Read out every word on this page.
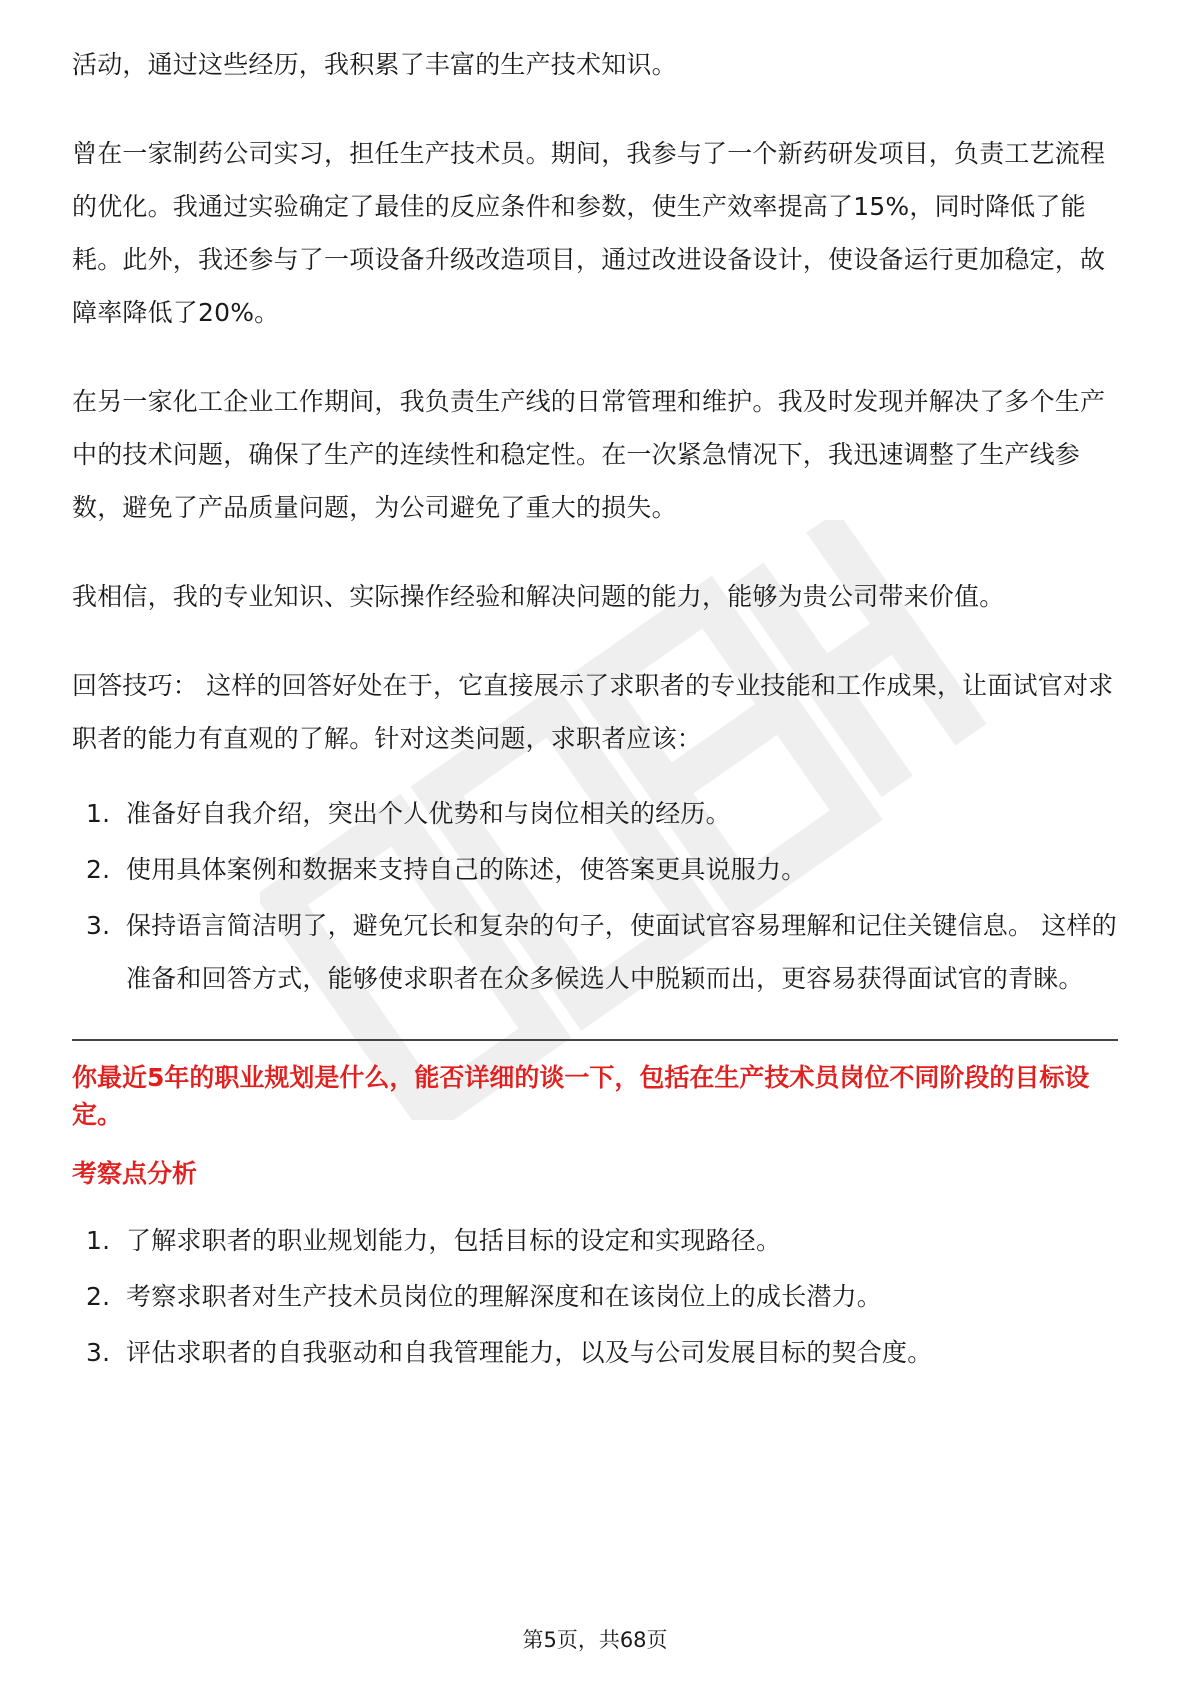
活动，通过这些经历，我积累了丰富的生产技术知识。

曾在一家制药公司实习，担任生产技术员。期间，我参与了一个新药研发项目，负责工艺流程的优化。我通过实验确定了最佳的反应条件和参数，使生产效率提高了15%，同时降低了能耗。此外，我还参与了一项设备升级改造项目，通过改进设备设计，使设备运行更加稳定，故障率降低了20%。

在另一家化工企业工作期间，我负责生产线的日常管理和维护。我及时发现并解决了多个生产中的技术问题，确保了生产的连续性和稳定性。在一次紧急情况下，我迅速调整了生产线参数，避免了产品质量问题，为公司避免了重大的损失。

我相信，我的专业知识、实际操作经验和解决问题的能力，能够为贵公司带来价值。

回答技巧： 这样的回答好处在于，它直接展示了求职者的专业技能和工作成果，让面试官对求职者的能力有直观的了解。针对这类问题，求职者应该：

1. 准备好自我介绍，突出个人优势和与岗位相关的经历。
2. 使用具体案例和数据来支持自己的陈述，使答案更具说服力。
3. 保持语言简洁明了，避免冗长和复杂的句子，使面试官容易理解和记住关键信息。 这样的准备和回答方式，能够使求职者在众多候选人中脱颖而出，更容易获得面试官的青睐。
你最近5年的职业规划是什么，能否详细的谈一下，包括在生产技术员岗位不同阶段的目标设定。
考察点分析
1. 了解求职者的职业规划能力，包括目标的设定和实现路径。
2. 考察求职者对生产技术员岗位的理解深度和在该岗位上的成长潜力。
3. 评估求职者的自我驱动和自我管理能力，以及与公司发展目标的契合度。
第5页，共68页
